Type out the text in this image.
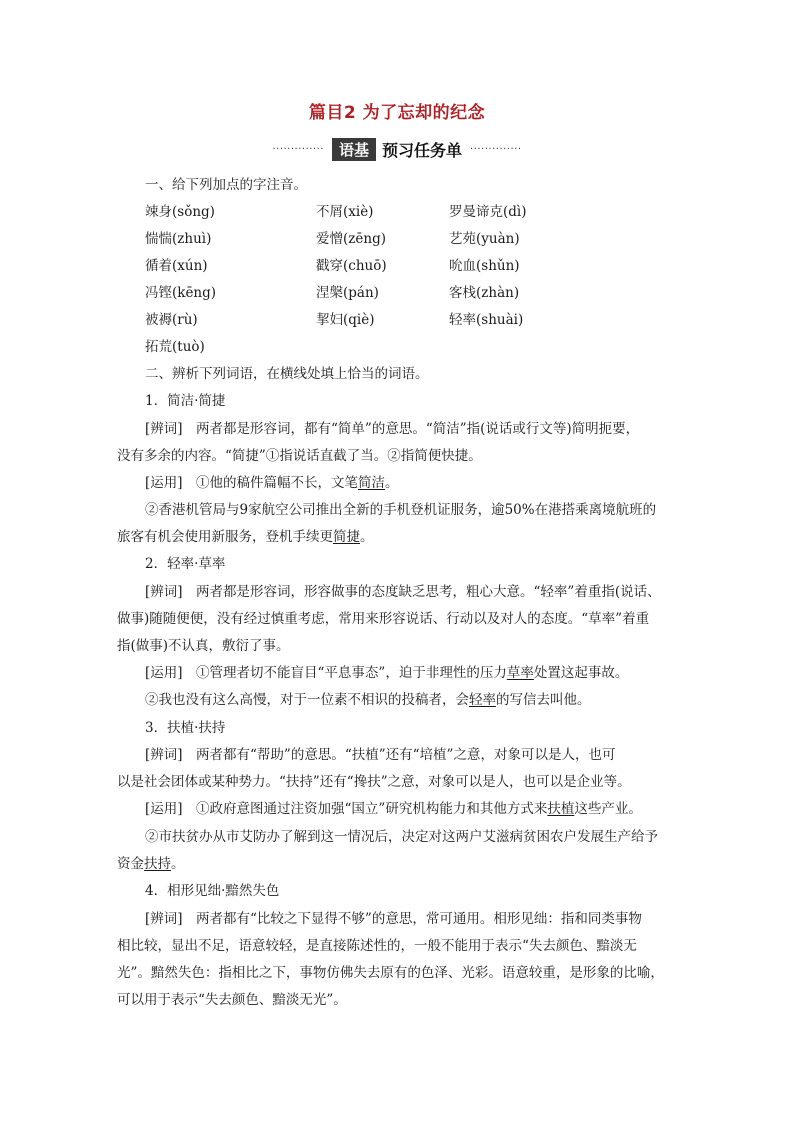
篇目2 为了忘却的纪念
··············	语基 预习任务单 ··············
一、给下列加点的字注音。
竦身(sǒng)	不屑(xiè)	罗曼谛克(dì)
惴惴(zhuì)	爱憎(zēng)	艺苑(yuàn)
循着(xún)	戳穿(chuō)	吮血(shǔn)
冯铿(kēng)	涅槃(pán)	客栈(zhàn)
被褥(rù)	挈妇(qiè)	轻率(shuài)
拓荒(tuò)
二、辨析下列词语，在横线处填上恰当的词语。
1．简洁·简捷
[辨词]　两者都是形容词，都有“简单”的意思。“简洁”指(说话或行文等)简明扼要，
没有多余的内容。“简捷”①指说话直截了当。②指简便快捷。
[运用]　①他的稿件篇幅不长，文笔简洁。
②香港机管局与9家航空公司推出全新的手机登机证服务，逾50%在港搭乘离境航班的
旅客有机会使用新服务，登机手续更简捷。
2．轻率·草率
[辨词]　两者都是形容词，形容做事的态度缺乏思考，粗心大意。“轻率”着重指(说话、
做事)随随便便，没有经过慎重考虑，常用来形容说话、行动以及对人的态度。“草率”着重
指(做事)不认真，敷衍了事。
[运用]　①管理者切不能盲目“平息事态”，迫于非理性的压力草率处置这起事故。
②我也没有这么高慢，对于一位素不相识的投稿者，会轻率的写信去叫他。
3．扶植·扶持
[辨词]　两者都有“帮助”的意思。“扶植”还有“培植”之意，对象可以是人，也可
以是社会团体或某种势力。“扶持”还有“搀扶”之意，对象可以是人，也可以是企业等。
[运用]　①政府意图通过注资加强“国立”研究机构能力和其他方式来扶植这些产业。
②市扶贫办从市艾防办了解到这一情况后，决定对这两户艾滋病贫困农户发展生产给予
资金扶持。
4．相形见绌·黯然失色
[辨词]　两者都有“比较之下显得不够”的意思，常可通用。相形见绌：指和同类事物
相比较，显出不足，语意较轻，是直接陈述性的，一般不能用于表示“失去颜色、黯淡无
光”。黯然失色：指相比之下，事物仿佛失去原有的色泽、光彩。语意较重，是形象的比喻，
可以用于表示“失去颜色、黯淡无光”。
